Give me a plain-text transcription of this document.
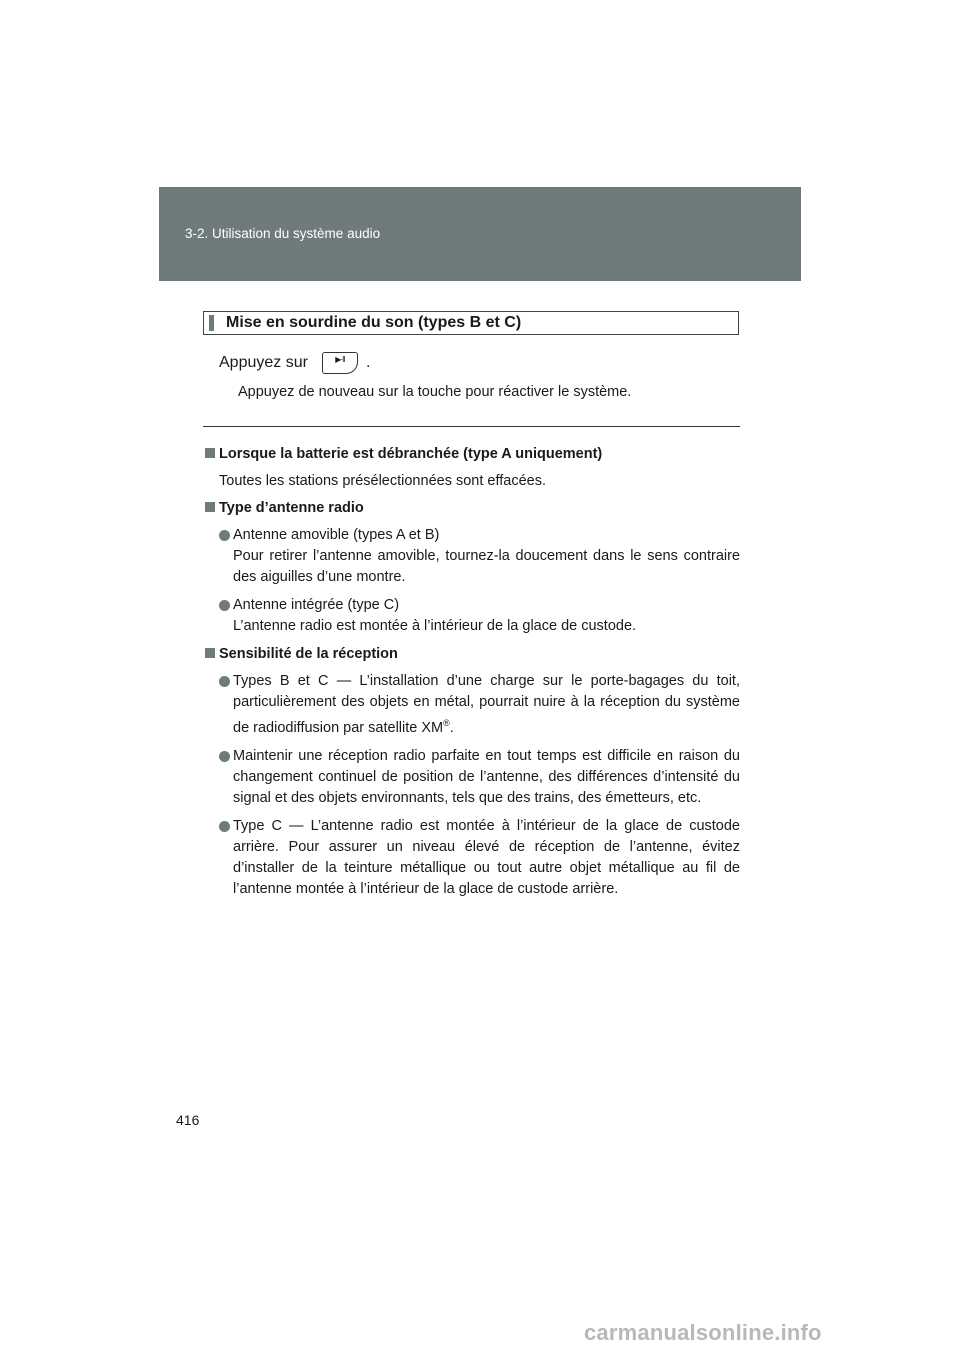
3-2. Utilisation du système audio
Mise en sourdine du son (types B et C)
Appuyez sur	▶·II	.
Appuyez de nouveau sur la touche pour réactiver le système.
Lorsque la batterie est débranchée (type A uniquement)
Toutes les stations présélectionnées sont effacées.
Type d’antenne radio
Antenne amovible (types A et B)
Pour retirer l’antenne amovible, tournez-la doucement dans le sens contraire des aiguilles d’une montre.
Antenne intégrée (type C)
L’antenne radio est montée à l’intérieur de la glace de custode.
Sensibilité de la réception
Types B et C — L’installation d’une charge sur le porte-bagages du toit, particulièrement des objets en métal, pourrait nuire à la réception du système de radiodiffusion par satellite XM®.
Maintenir une réception radio parfaite en tout temps est difficile en raison du changement continuel de position de l’antenne, des différences d’intensité du signal et des objets environnants, tels que des trains, des émetteurs, etc.
Type C — L’antenne radio est montée à l’intérieur de la glace de custode arrière. Pour assurer un niveau élevé de réception de l’antenne, évitez d’installer de la teinture métallique ou tout autre objet métallique au fil de l’antenne montée à l’intérieur de la glace de custode arrière.
416
carmanualsonline.info
